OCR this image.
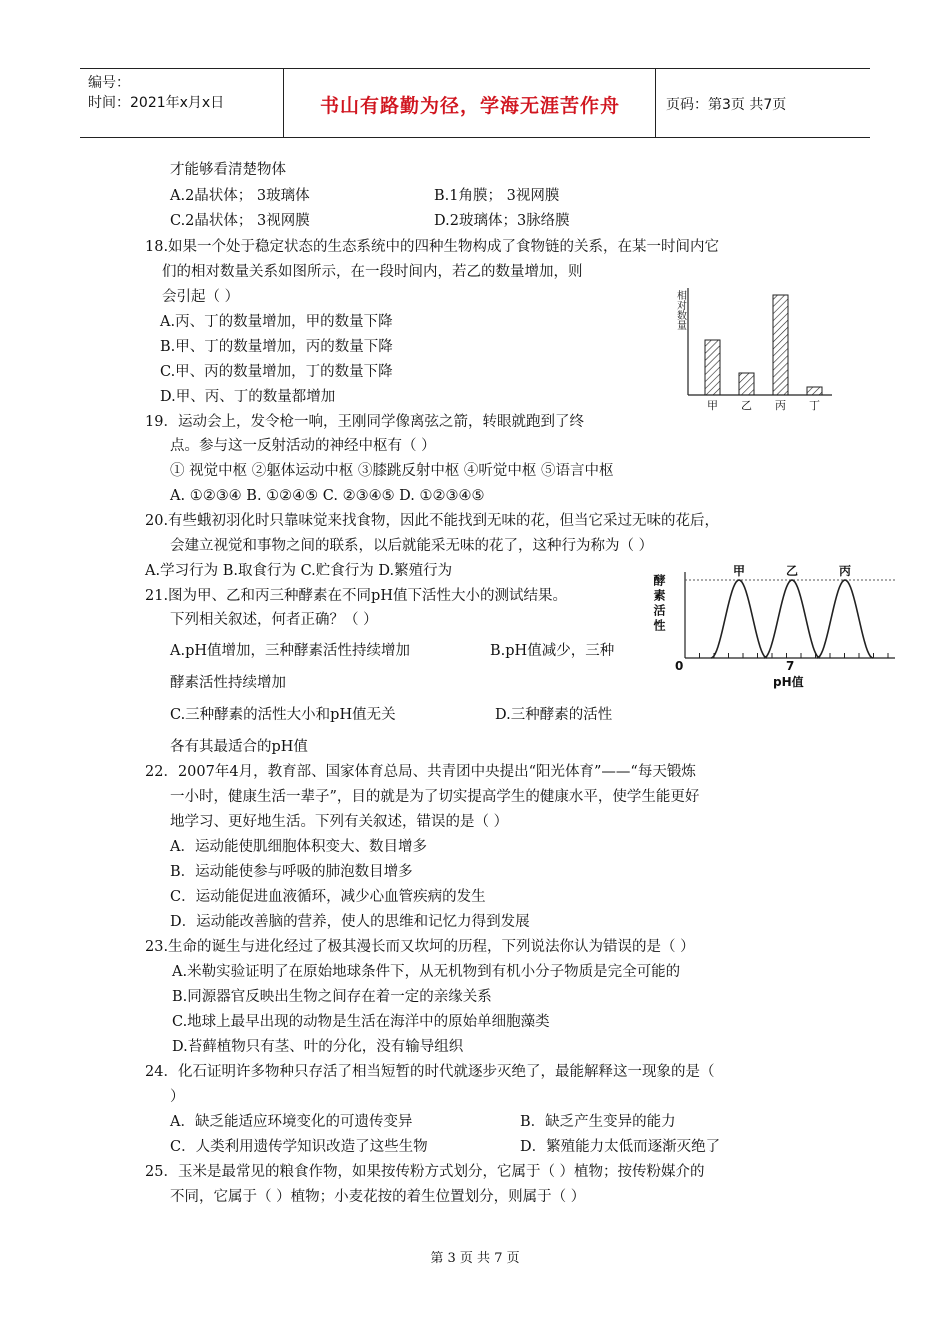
编号：
时间：2021年x月x日	书山有路勤为径，学海无涯苦作舟	页码：第3页 共7页
才能够看清楚物体
A.2晶状体； 3玻璃体	B.1角膜； 3视网膜
C.2晶状体； 3视网膜	D.2玻璃体；3脉络膜
18.如果一个处于稳定状态的生态系统中的四种生物构成了食物链的关系，在某一时间内它
们的相对数量关系如图所示，在一段时间内，若乙的数量增加，则
会引起（ ）
A.丙、丁的数量增加，甲的数量下降
B.甲、丁的数量增加，丙的数量下降
C.甲、丙的数量增加，丁的数量下降
D.甲、丙、丁的数量都增加
19．运动会上，发令枪一响，王刚同学像离弦之箭，转眼就跑到了终
点。参与这一反射活动的神经中枢有（ ）
① 视觉中枢 ②躯体运动中枢 ③膝跳反射中枢 ④听觉中枢 ⑤语言中枢
A. ①②③④ B. ①②④⑤ C. ②③④⑤ D. ①②③④⑤
20.有些蛾初羽化时只靠味觉来找食物，因此不能找到无味的花，但当它采过无味的花后，
会建立视觉和事物之间的联系，以后就能采无味的花了，这种行为称为（ ）
A.学习行为 B.取食行为 C.贮食行为 D.繁殖行为
21.图为甲、乙和丙三种酵素在不同pH值下活性大小的测试结果。
下列相关叙述，何者正确？（ ）
A.pH值增加，三种酵素活性持续增加	B.pH值减少，三种
酵素活性持续增加
C.三种酵素的活性大小和pH值无关	D.三种酵素的活性
各有其最适合的pH值
22．2007年4月，教育部、国家体育总局、共青团中央提出“阳光体育”——“每天锻炼
一小时，健康生活一辈子”，目的就是为了切实提高学生的健康水平，使学生能更好
地学习、更好地生活。下列有关叙述，错误的是（ ）
A．运动能使肌细胞体积变大、数目增多
B．运动能使参与呼吸的肺泡数目增多
C．运动能促进血液循环，减少心血管疾病的发生
D．运动能改善脑的营养，使人的思维和记忆力得到发展
23.生命的诞生与进化经过了极其漫长而又坎坷的历程，下列说法你认为错误的是（ ）
A.米勒实验证明了在原始地球条件下，从无机物到有机小分子物质是完全可能的
B.同源器官反映出生物之间存在着一定的亲缘关系
C.地球上最早出现的动物是生活在海洋中的原始单细胞藻类
D.苔藓植物只有茎、叶的分化，没有输导组织
24．化石证明许多物种只存活了相当短暂的时代就逐步灭绝了，最能解释这一现象的是（
）
A．缺乏能适应环境变化的可遗传变异	B．缺乏产生变异的能力
C．人类利用遗传学知识改造了这些生物	D．繁殖能力太低而逐渐灭绝了
25．玉米是最常见的粮食作物，如果按传粉方式划分，它属于（ ）植物；按传粉媒介的
不同，它属于（ ）植物；小麦花按的着生位置划分，则属于（ ）
相对数量
甲 乙 丙 丁
酵素活性
甲	乙	丙
0	7
pH值
第 3 页 共 7 页
